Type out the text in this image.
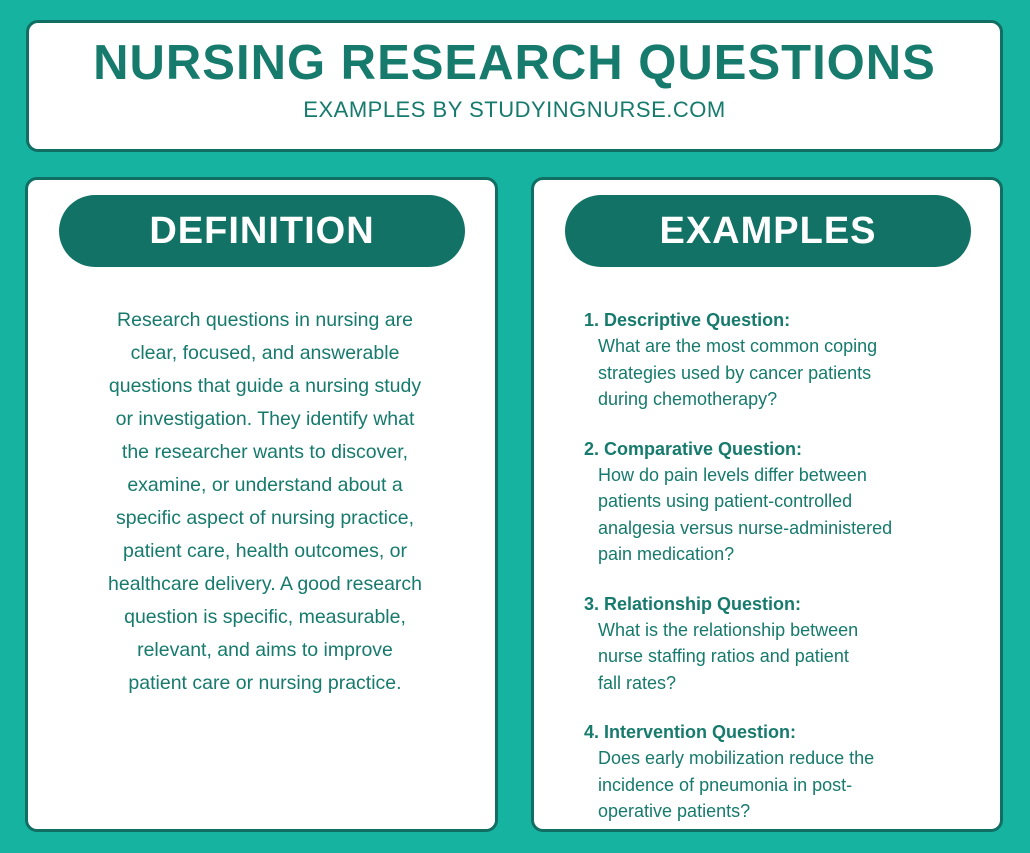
NURSING RESEARCH QUESTIONS
EXAMPLES BY STUDYINGNURSE.COM
DEFINITION
Research questions in nursing are
clear, focused, and answerable
questions that guide a nursing study
or investigation. They identify what
the researcher wants to discover,
examine, or understand about a
specific aspect of nursing practice,
patient care, health outcomes, or
healthcare delivery. A good research
question is specific, measurable,
relevant, and aims to improve
patient care or nursing practice.
EXAMPLES
1. Descriptive Question:
What are the most common coping
strategies used by cancer patients
during chemotherapy?
2. Comparative Question:
How do pain levels differ between
patients using patient-controlled
analgesia versus nurse-administered
pain medication?
3. Relationship Question:
What is the relationship between
nurse staffing ratios and patient
fall rates?
4. Intervention Question:
Does early mobilization reduce the
incidence of pneumonia in post-
operative patients?
